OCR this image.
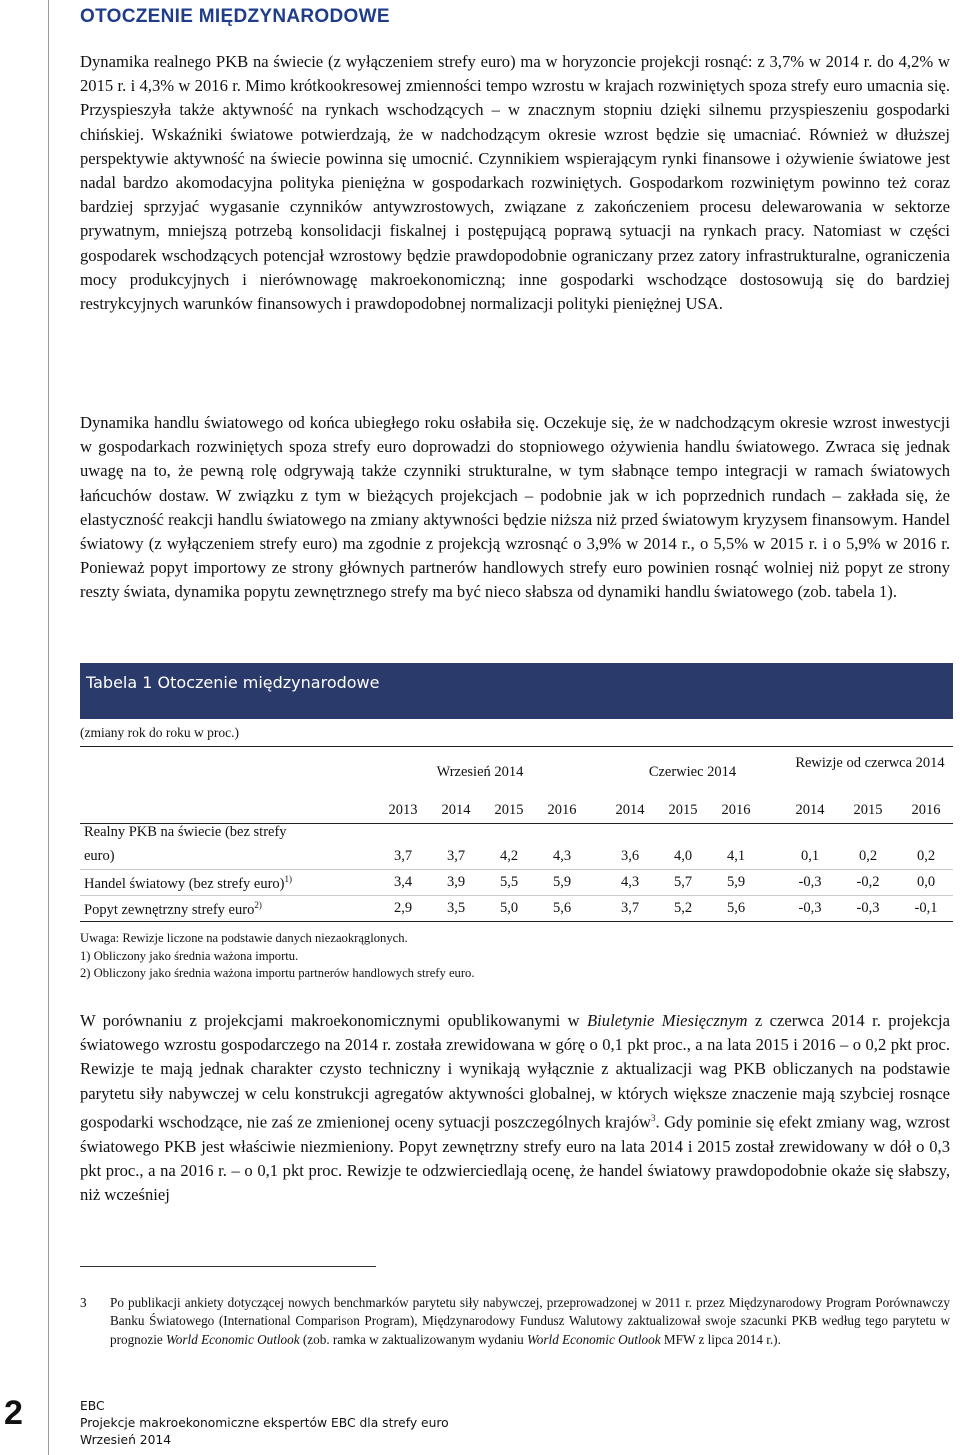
OTOCZENIE MIĘDZYNARODOWE

Dynamika realnego PKB na świecie (z wyłączeniem strefy euro) ma w horyzoncie projekcji rosnąć: z 3,7% w 2014 r. do 4,2% w 2015 r. i 4,3% w 2016 r. Mimo krótkookresowej zmienności tempo wzrostu w krajach rozwiniętych spoza strefy euro umacnia się. Przyspieszyła także aktywność na rynkach wschodzących – w znacznym stopniu dzięki silnemu przyspieszeniu gospodarki chińskiej. Wskaźniki światowe potwierdzają, że w nadchodzącym okresie wzrost będzie się umacniać. Również w dłuższej perspektywie aktywność na świecie powinna się umocnić. Czynnikiem wspierającym rynki finansowe i ożywienie światowe jest nadal bardzo akomodacyjna polityka pieniężna w gospodarkach rozwiniętych. Gospodarkom rozwiniętym powinno też coraz bardziej sprzyjać wygasanie czynników antywzrostowych, związane z zakończeniem procesu delewarowania w sektorze prywatnym, mniejszą potrzebą konsolidacji fiskalnej i postępującą poprawą sytuacji na rynkach pracy. Natomiast w części gospodarek wschodzących potencjał wzrostowy będzie prawdopodobnie ograniczany przez zatory infrastrukturalne, ograniczenia mocy produkcyjnych i nierównowagę makroekonomiczną; inne gospodarki wschodzące dostosowują się do bardziej restrykcyjnych warunków finansowych i prawdopodobnej normalizacji polityki pieniężnej USA.

Dynamika handlu światowego od końca ubiegłego roku osłabiła się. Oczekuje się, że w nadchodzącym okresie wzrost inwestycji w gospodarkach rozwiniętych spoza strefy euro doprowadzi do stopniowego ożywienia handlu światowego. Zwraca się jednak uwagę na to, że pewną rolę odgrywają także czynniki strukturalne, w tym słabnące tempo integracji w ramach światowych łańcuchów dostaw. W związku z tym w bieżących projekcjach – podobnie jak w ich poprzednich rundach – zakłada się, że elastyczność reakcji handlu światowego na zmiany aktywności będzie niższa niż przed światowym kryzysem finansowym. Handel światowy (z wyłączeniem strefy euro) ma zgodnie z projekcją wzrosnąć o 3,9% w 2014 r., o 5,5% w 2015 r. i o 5,9% w 2016 r. Ponieważ popyt importowy ze strony głównych partnerów handlowych strefy euro powinien rosnąć wolniej niż popyt ze strony reszty świata, dynamika popytu zewnętrznego strefy ma być nieco słabsza od dynamiki handlu światowego (zob. tabela 1).

Tabela 1 Otoczenie międzynarodowe
(zmiany rok do roku w proc.)
Wrzesień 2014	Czerwiec 2014
Rewizje od czerwca 2014
2013	2014	2015	2016	2014	2015	2016	2014	2015	2016
Realny PKB na świecie (bez strefy
euro)	3,7	3,7	4,2	4,3	3,6	4,0	4,1	0,1	0,2	0,2
Handel światowy (bez strefy euro)$^{1)}$	3,4	3,9	5,5	5,9	4,3	5,7	5,9	-0,3	-0,2	0,0
Popyt zewnętrzny strefy euro$^{2)}$	2,9	3,5	5,0	5,6	3,7	5,2	5,6	-0,3	-0,3	-0,1
Uwaga: Rewizje liczone na podstawie danych niezaokrąglonych.
1) Obliczony jako średnia ważona importu.
2) Obliczony jako średnia ważona importu partnerów handlowych strefy euro.

W porównaniu z projekcjami makroekonomicznymi opublikowanymi w Biuletynie Miesięcznym z czerwca 2014 r. projekcja światowego wzrostu gospodarczego na 2014 r. została zrewidowana w górę o 0,1 pkt proc., a na lata 2015 i 2016 – o 0,2 pkt proc. Rewizje te mają jednak charakter czysto techniczny i wynikają wyłącznie z aktualizacji wag PKB obliczanych na podstawie parytetu siły nabywczej w celu konstrukcji agregatów aktywności globalnej, w których większe znaczenie mają szybciej rosnące gospodarki wschodzące, nie zaś ze zmienionej oceny sytuacji poszczególnych krajów$^3$. Gdy pominie się efekt zmiany wag, wzrost światowego PKB jest właściwie niezmieniony. Popyt zewnętrzny strefy euro na lata 2014 i 2015 został zrewidowany w dół o 0,3 pkt proc., a na 2016 r. – o 0,1 pkt proc. Rewizje te odzwierciedlają ocenę, że handel światowy prawdopodobnie okaże się słabszy, niż wcześniej

3 Po publikacji ankiety dotyczącej nowych benchmarków parytetu siły nabywczej, przeprowadzonej w 2011 r. przez Międzynarodowy Program Porównawczy Banku Światowego (International Comparison Program), Międzynarodowy Fundusz Walutowy zaktualizował swoje szacunki PKB według tego parytetu w prognozie World Economic Outlook (zob. ramka w zaktualizowanym wydaniu World Economic Outlook MFW z lipca 2014 r.).
2	EBC
Projekcje makroekonomiczne ekspertów EBC dla strefy euro
Wrzesień 2014
